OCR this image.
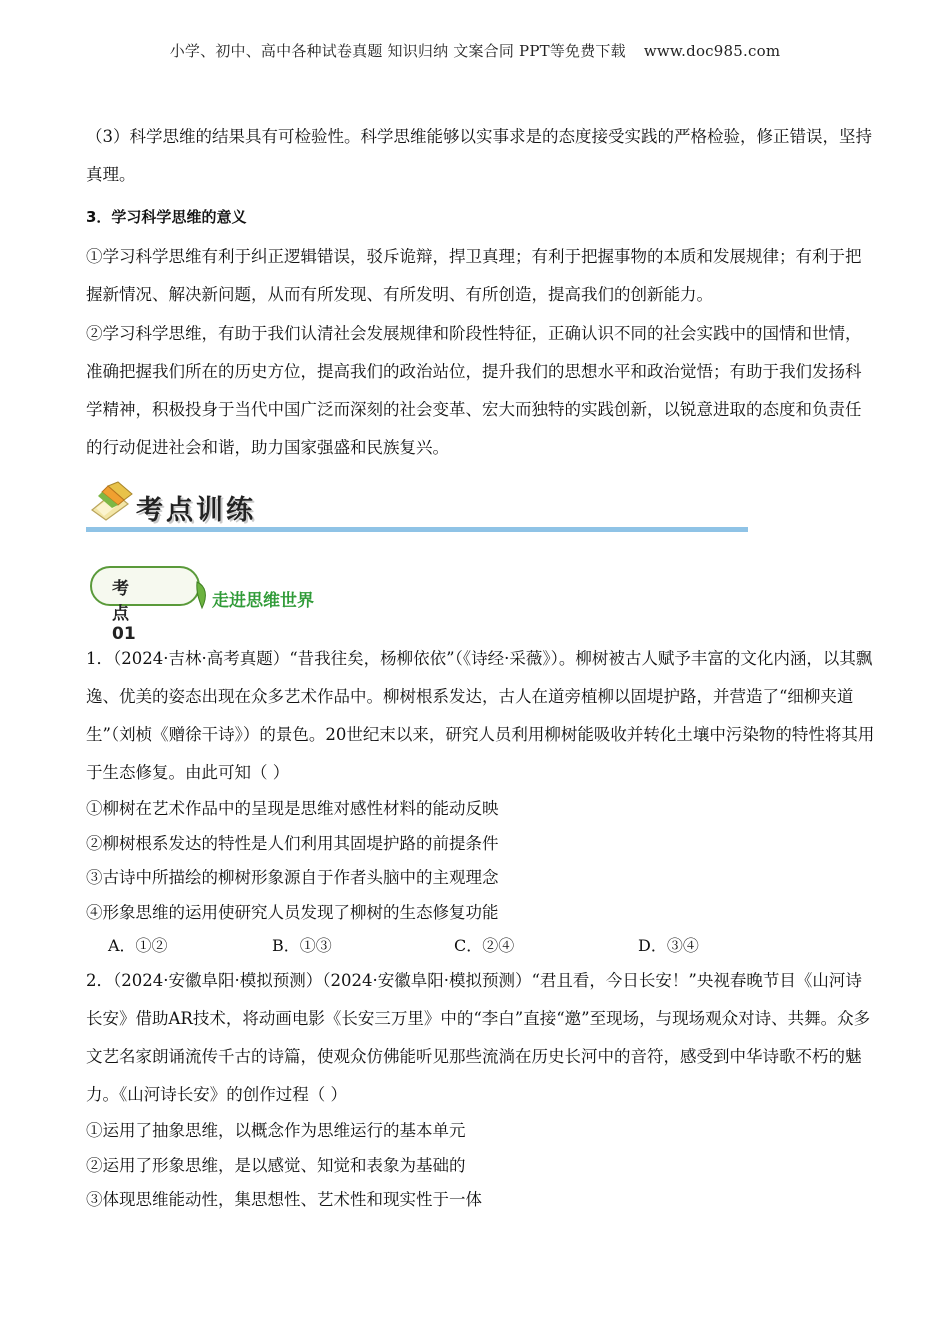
小学、初中、高中各种试卷真题 知识归纳 文案合同 PPT等免费下载 www.doc985.com

（3）科学思维的结果具有可检验性。科学思维能够以实事求是的态度接受实践的严格检验，修正错误，坚持真理。

3．学习科学思维的意义

①学习科学思维有利于纠正逻辑错误，驳斥诡辩，捍卫真理；有利于把握事物的本质和发展规律；有利于把握新情况、解决新问题，从而有所发现、有所发明、有所创造，提高我们的创新能力。

②学习科学思维，有助于我们认清社会发展规律和阶段性特征，正确认识不同的社会实践中的国情和世情，准确把握我们所在的历史方位，提高我们的政治站位，提升我们的思想水平和政治觉悟；有助于我们发扬科学精神，积极投身于当代中国广泛而深刻的社会变革、宏大而独特的实践创新，以锐意进取的态度和负责任的行动促进社会和谐，助力国家强盛和民族复兴。

考点训练
考点01
走进思维世界

1．（2024·吉林·高考真题）“昔我往矣，杨柳依依”（《诗经·采薇》）。柳树被古人赋予丰富的文化内涵，以其飘逸、优美的姿态出现在众多艺术作品中。柳树根系发达，古人在道旁植柳以固堤护路，并营造了“细柳夹道生”（刘桢《赠徐干诗》）的景色。20世纪末以来，研究人员利用柳树能吸收并转化土壤中污染物的特性将其用于生态修复。由此可知（ ）

①柳树在艺术作品中的呈现是思维对感性材料的能动反映

②柳树根系发达的特性是人们利用其固堤护路的前提条件

③古诗中所描绘的柳树形象源自于作者头脑中的主观理念

④形象思维的运用使研究人员发现了柳树的生态修复功能

A．①②	B．①③	C．②④	D．③④

2．（2024·安徽阜阳·模拟预测）（2024·安徽阜阳·模拟预测）“君且看，今日长安！”央视春晚节目《山河诗长安》借助AR技术，将动画电影《长安三万里》中的“李白”直接“邀”至现场，与现场观众对诗、共舞。众多文艺名家朗诵流传千古的诗篇，使观众仿佛能听见那些流淌在历史长河中的音符，感受到中华诗歌不朽的魅力。《山河诗长安》的创作过程（ ）

①运用了抽象思维，以概念作为思维运行的基本单元

②运用了形象思维，是以感觉、知觉和表象为基础的

③体现思维能动性，集思想性、艺术性和现实性于一体
